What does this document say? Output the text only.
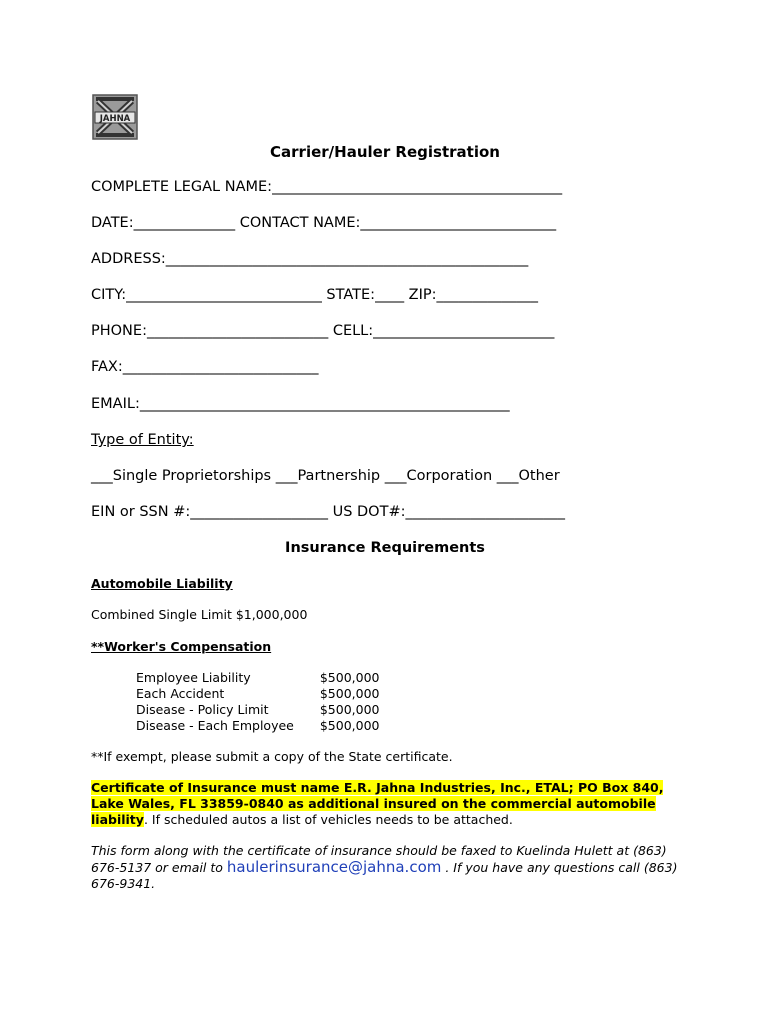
JAHNA
Carrier/Hauler Registration
COMPLETE LEGAL NAME:________________________________________
DATE:______________ CONTACT NAME:___________________________
ADDRESS:__________________________________________________
CITY:___________________________ STATE:____ ZIP:______________
PHONE:_________________________ CELL:_________________________
FAX:___________________________
EMAIL:___________________________________________________
Type of Entity:
___Single Proprietorships ___Partnership ___Corporation ___Other
EIN or SSN #:___________________ US DOT#:______________________
Insurance Requirements
Automobile Liability
Combined Single Limit $1,000,000
**Worker's Compensation
Employee Liability	$500,000
Each Accident	$500,000
Disease - Policy Limit	$500,000
Disease - Each Employee	$500,000
**If exempt, please submit a copy of the State certificate.
Certificate of Insurance must name E.R. Jahna Industries, Inc., ETAL; PO Box 840, Lake Wales, FL 33859-0840 as additional insured on the commercial automobile liability. If scheduled autos a list of vehicles needs to be attached.
This form along with the certificate of insurance should be faxed to Kuelinda Hulett at (863) 676-5137 or email to haulerinsurance@jahna.com . If you have any questions call (863) 676-9341.
